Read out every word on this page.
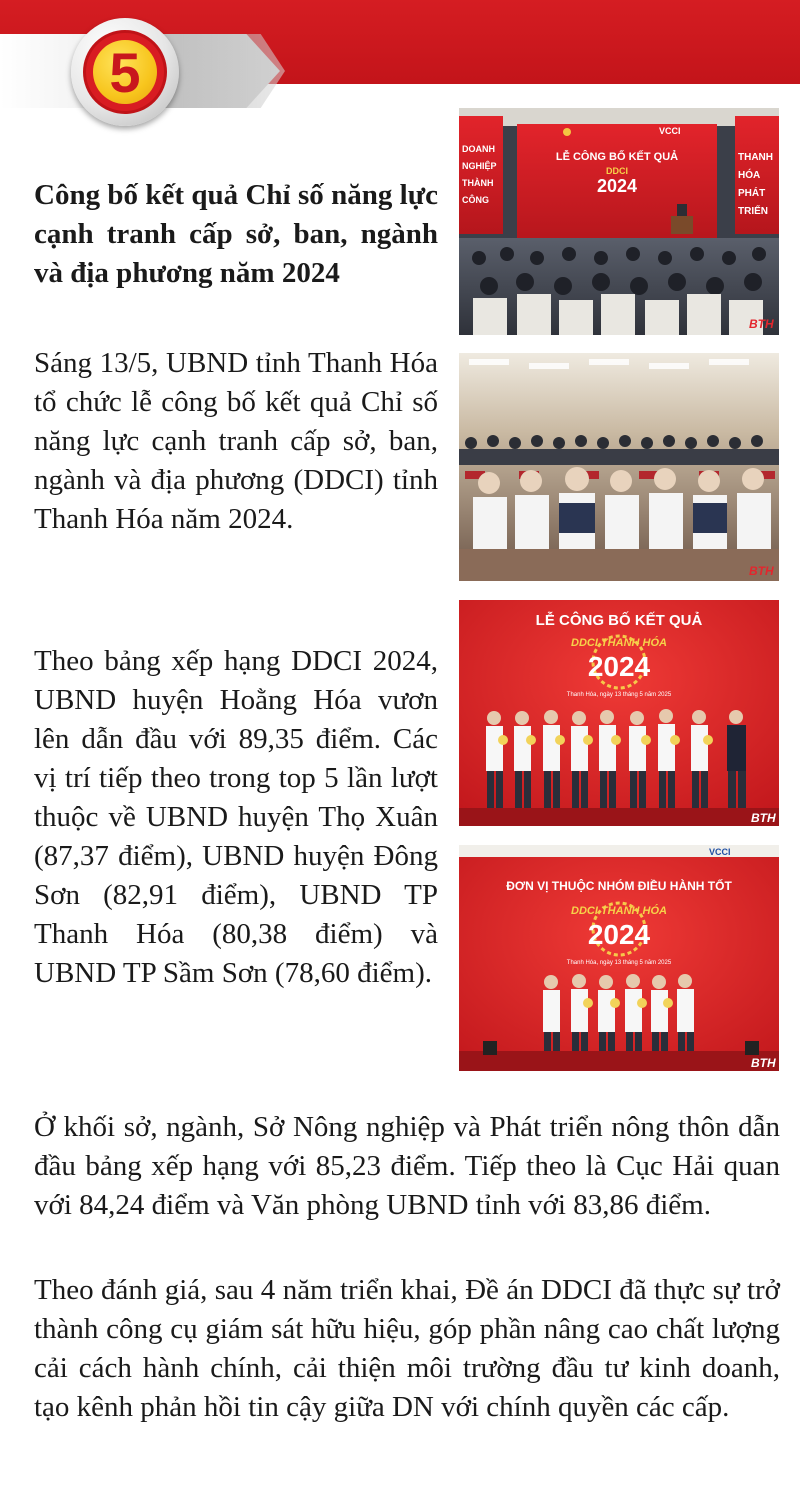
5
Công bố kết quả Chỉ số năng lực cạnh tranh cấp sở, ban, ngành và địa phương năm 2024

Sáng 13/5, UBND tỉnh Thanh Hóa tổ chức lễ công bố kết quả Chỉ số năng lực cạnh tranh cấp sở, ban, ngành và địa phương (DDCI) tỉnh Thanh Hóa năm 2024.

Theo bảng xếp hạng DDCI 2024, UBND huyện Hoằng Hóa vươn lên dẫn đầu với 89,35 điểm. Các vị trí tiếp theo trong top 5 lần lượt thuộc về UBND huyện Thọ Xuân (87,37 điểm), UBND huyện Đông Sơn (82,91 điểm), UBND TP Thanh Hóa (80,38 điểm) và UBND TP Sầm Sơn (78,60 điểm).

Ở khối sở, ngành, Sở Nông nghiệp và Phát triển nông thôn dẫn đầu bảng xếp hạng với 85,23 điểm. Tiếp theo là Cục Hải quan với 84,24 điểm và Văn phòng UBND tỉnh với 83,86 điểm.

Theo đánh giá, sau 4 năm triển khai, Đề án DDCI đã thực sự trở thành công cụ giám sát hữu hiệu, góp phần nâng cao chất lượng cải cách hành chính, cải thiện môi trường đầu tư kinh doanh, tạo kênh phản hồi tin cậy giữa DN với chính quyền các cấp.

DOANH
NGHIỆP
THÀNH
CÔNG
VCCI
LỄ CÔNG BỐ KẾT QUẢ
DDCI
2024
THANH
HÓA
PHÁT
TRIỂN
BTH
BTH
LỄ CÔNG BỐ KẾT QUẢ
DDCI THANH HÓA
2024
Thanh Hóa, ngày 13 tháng 5 năm 2025
BTH
VCCI
ĐƠN VỊ THUỘC NHÓM ĐIỀU HÀNH TỐT
DDCI THANH HÓA
2024
Thanh Hóa, ngày 13 tháng 5 năm 2025
BTH
